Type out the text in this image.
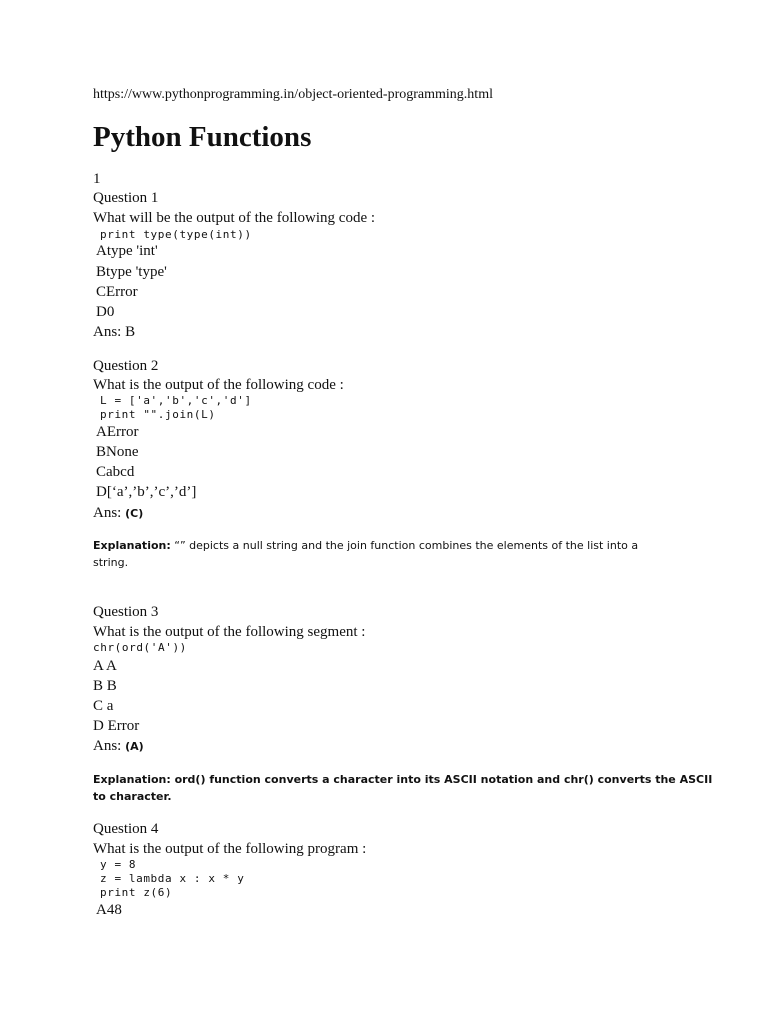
https://www.pythonprogramming.in/object-oriented-programming.html
Python Functions
1
Question 1
What will be the output of the following code :
print type(type(int))
Atype 'int'
Btype 'type'
CError
D0
Ans: B
Question 2
What is the output of the following code :
L = ['a','b','c','d']
print "".join(L)
AError
BNone
Cabcd
D[‘a’,’b’,’c’,’d’]
Ans: (C)
Explanation: “” depicts a null string and the join function combines the elements of the list into a
string.
Question 3
What is the output of the following segment :
chr(ord('A'))
A A
B B
C a
D Error
Ans: (A)
Explanation: ord() function converts a character into its ASCII notation and chr() converts the ASCII
to character.
Question 4
What is the output of the following program :
y = 8
z = lambda x : x * y
print z(6)
A48
